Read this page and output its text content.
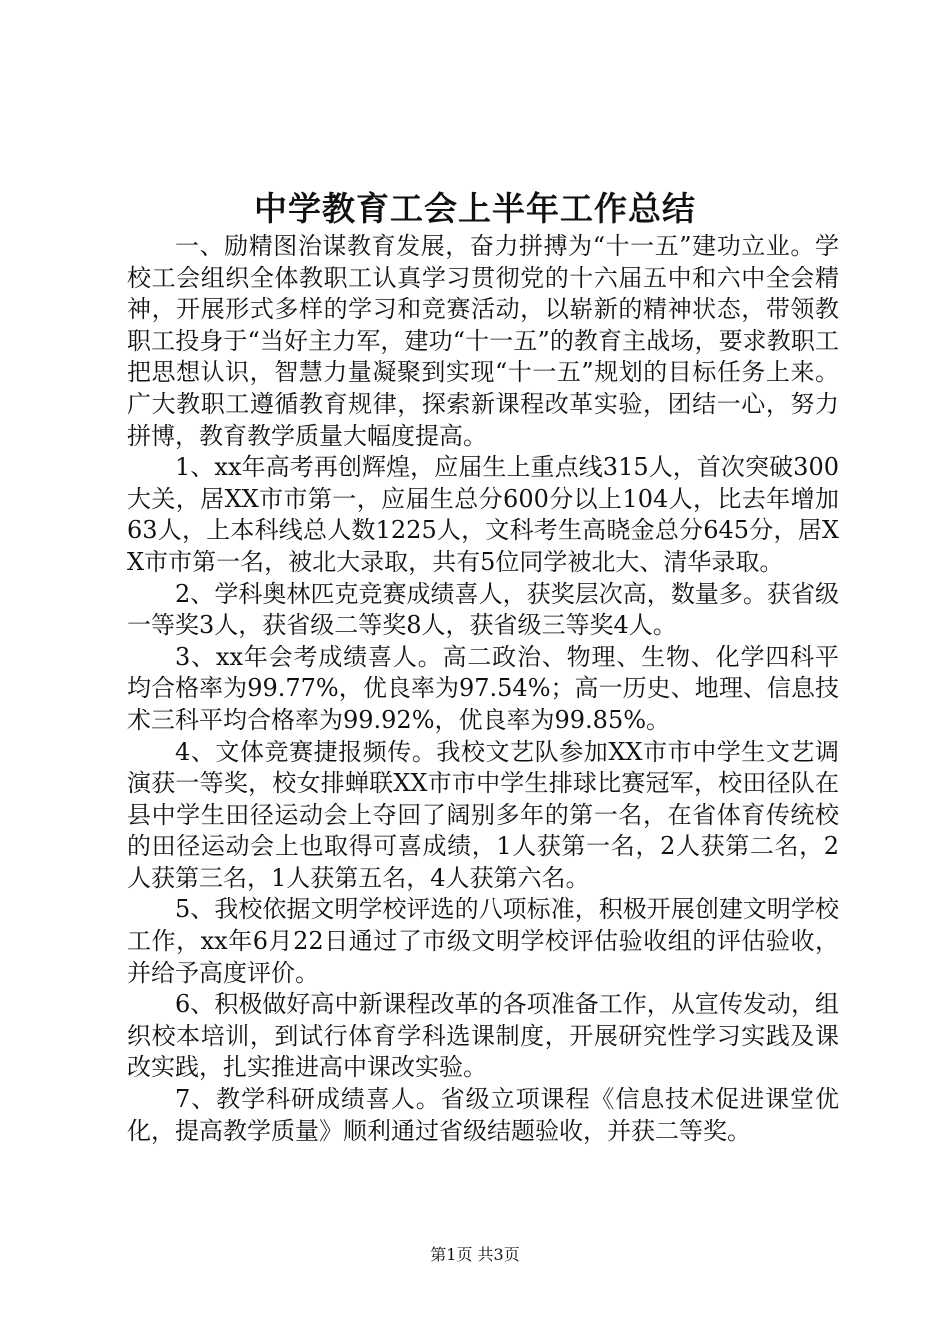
中学教育工会上半年工作总结

一、励精图治谋教育发展，奋力拼搏为“十一五”建功立业。学校工会组织全体教职工认真学习贯彻党的十六届五中和六中全会精神，开展形式多样的学习和竞赛活动，以崭新的精神状态，带领教职工投身于“当好主力军，建功“十一五”的教育主战场，要求教职工把思想认识，智慧力量凝聚到实现“十一五”规划的目标任务上来。广大教职工遵循教育规律，探索新课程改革实验，团结一心，努力拼博，教育教学质量大幅度提高。

1、xx年高考再创辉煌，应届生上重点线315人，首次突破300大关，居XX市市第一，应届生总分600分以上104人，比去年增加63人，上本科线总人数1225人，文科考生高晓金总分645分，居XX市市第一名，被北大录取，共有5位同学被北大、清华录取。

2、学科奥林匹克竞赛成绩喜人，获奖层次高，数量多。获省级一等奖3人，获省级二等奖8人，获省级三等奖4人。

3、xx年会考成绩喜人。高二政治、物理、生物、化学四科平均合格率为99.77%，优良率为97.54%；高一历史、地理、信息技术三科平均合格率为99.92%，优良率为99.85%。

4、文体竞赛捷报频传。我校文艺队参加XX市市中学生文艺调演获一等奖，校女排蝉联XX市市中学生排球比赛冠军，校田径队在县中学生田径运动会上夺回了阔别多年的第一名，在省体育传统校的田径运动会上也取得可喜成绩，1人获第一名，2人获第二名，2人获第三名，1人获第五名，4人获第六名。

5、我校依据文明学校评选的八项标准，积极开展创建文明学校工作，xx年6月22日通过了市级文明学校评估验收组的评估验收，并给予高度评价。

6、积极做好高中新课程改革的各项准备工作，从宣传发动，组织校本培训，到试行体育学科选课制度，开展研究性学习实践及课改实践，扎实推进高中课改实验。

7、教学科研成绩喜人。省级立项课程《信息技术促进课堂优化，提高教学质量》顺利通过省级结题验收，并获二等奖。

第1页 共3页
